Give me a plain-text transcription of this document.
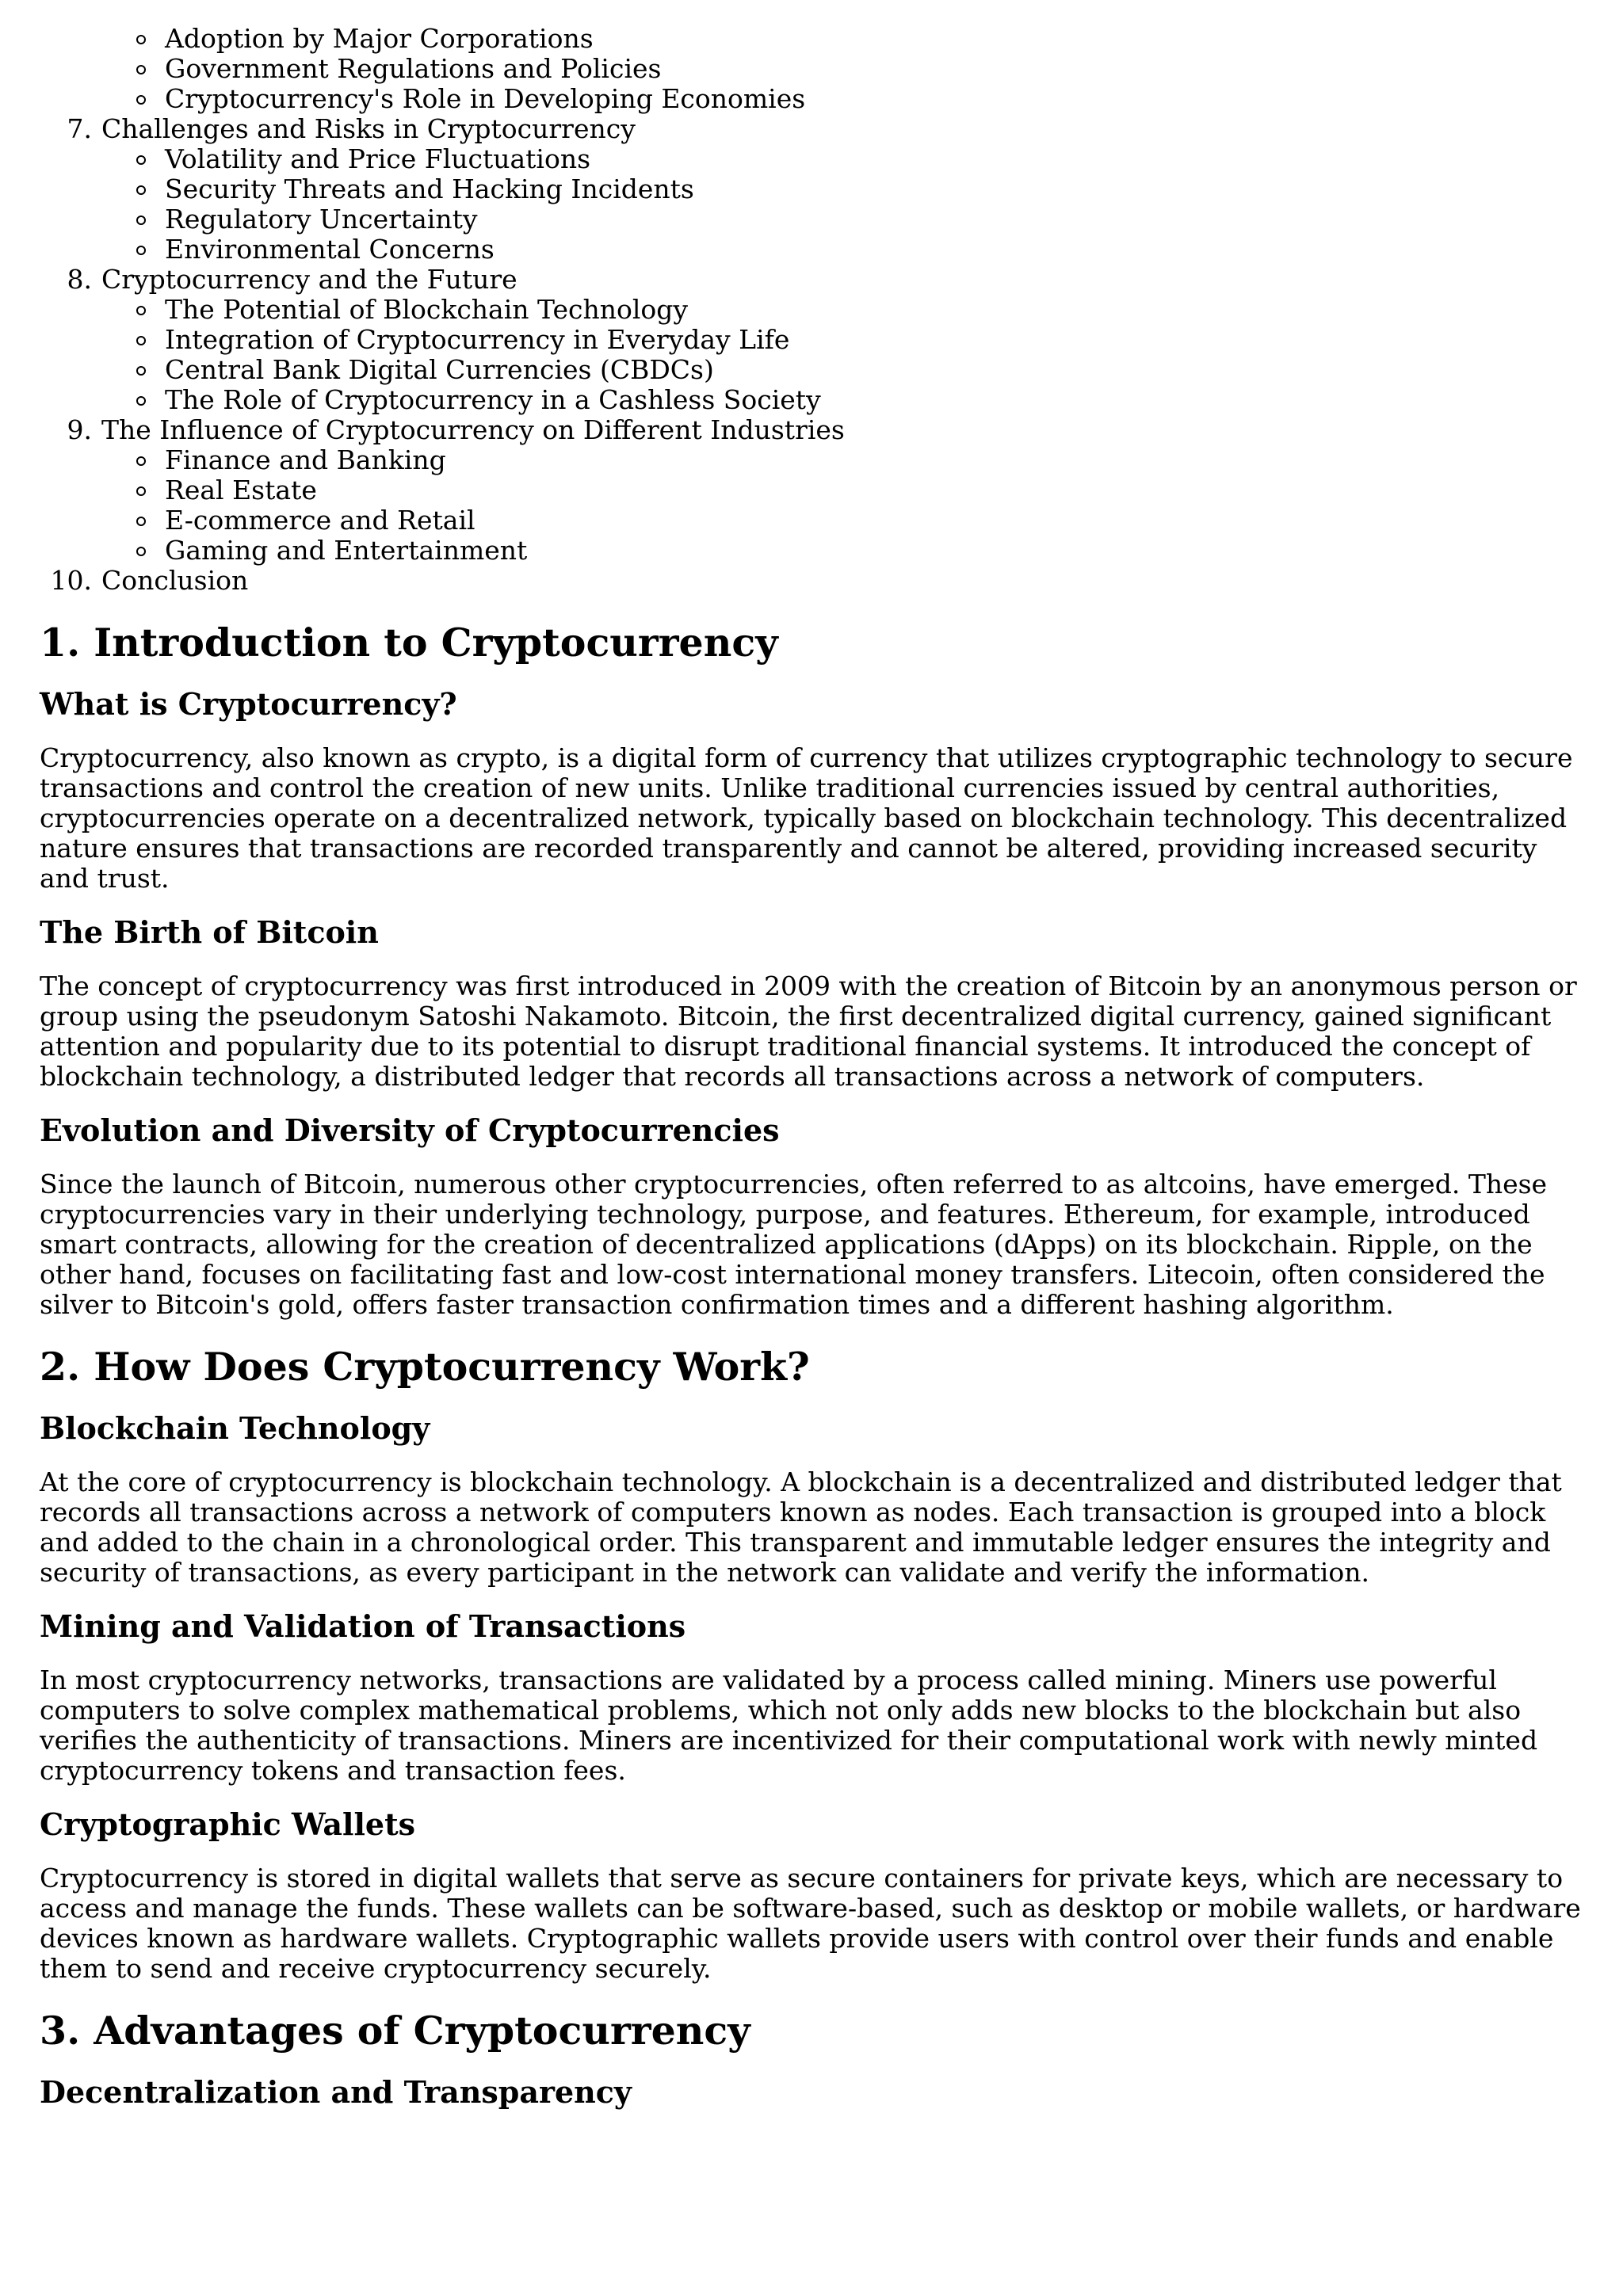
Adoption by Major Corporations
Government Regulations and Policies
Cryptocurrency's Role in Developing Economies
7. Challenges and Risks in Cryptocurrency
Volatility and Price Fluctuations
Security Threats and Hacking Incidents
Regulatory Uncertainty
Environmental Concerns
8. Cryptocurrency and the Future
The Potential of Blockchain Technology
Integration of Cryptocurrency in Everyday Life
Central Bank Digital Currencies (CBDCs)
The Role of Cryptocurrency in a Cashless Society
9. The Influence of Cryptocurrency on Different Industries
Finance and Banking
Real Estate
E-commerce and Retail
Gaming and Entertainment
10. Conclusion
1. Introduction to Cryptocurrency
What is Cryptocurrency?

Cryptocurrency, also known as crypto, is a digital form of currency that utilizes cryptographic technology to secure transactions and control the creation of new units. Unlike traditional currencies issued by central authorities, cryptocurrencies operate on a decentralized network, typically based on blockchain technology. This decentralized nature ensures that transactions are recorded transparently and cannot be altered, providing increased security and trust.

The Birth of Bitcoin

The concept of cryptocurrency was first introduced in 2009 with the creation of Bitcoin by an anonymous person or group using the pseudonym Satoshi Nakamoto. Bitcoin, the first decentralized digital currency, gained significant attention and popularity due to its potential to disrupt traditional financial systems. It introduced the concept of blockchain technology, a distributed ledger that records all transactions across a network of computers.

Evolution and Diversity of Cryptocurrencies

Since the launch of Bitcoin, numerous other cryptocurrencies, often referred to as altcoins, have emerged. These cryptocurrencies vary in their underlying technology, purpose, and features. Ethereum, for example, introduced smart contracts, allowing for the creation of decentralized applications (dApps) on its blockchain. Ripple, on the other hand, focuses on facilitating fast and low-cost international money transfers. Litecoin, often considered the silver to Bitcoin's gold, offers faster transaction confirmation times and a different hashing algorithm.

2. How Does Cryptocurrency Work?
Blockchain Technology

At the core of cryptocurrency is blockchain technology. A blockchain is a decentralized and distributed ledger that records all transactions across a network of computers known as nodes. Each transaction is grouped into a block and added to the chain in a chronological order. This transparent and immutable ledger ensures the integrity and security of transactions, as every participant in the network can validate and verify the information.

Mining and Validation of Transactions

In most cryptocurrency networks, transactions are validated by a process called mining. Miners use powerful computers to solve complex mathematical problems, which not only adds new blocks to the blockchain but also verifies the authenticity of transactions. Miners are incentivized for their computational work with newly minted cryptocurrency tokens and transaction fees.

Cryptographic Wallets

Cryptocurrency is stored in digital wallets that serve as secure containers for private keys, which are necessary to access and manage the funds. These wallets can be software-based, such as desktop or mobile wallets, or hardware devices known as hardware wallets. Cryptographic wallets provide users with control over their funds and enable them to send and receive cryptocurrency securely.

3. Advantages of Cryptocurrency
Decentralization and Transparency
